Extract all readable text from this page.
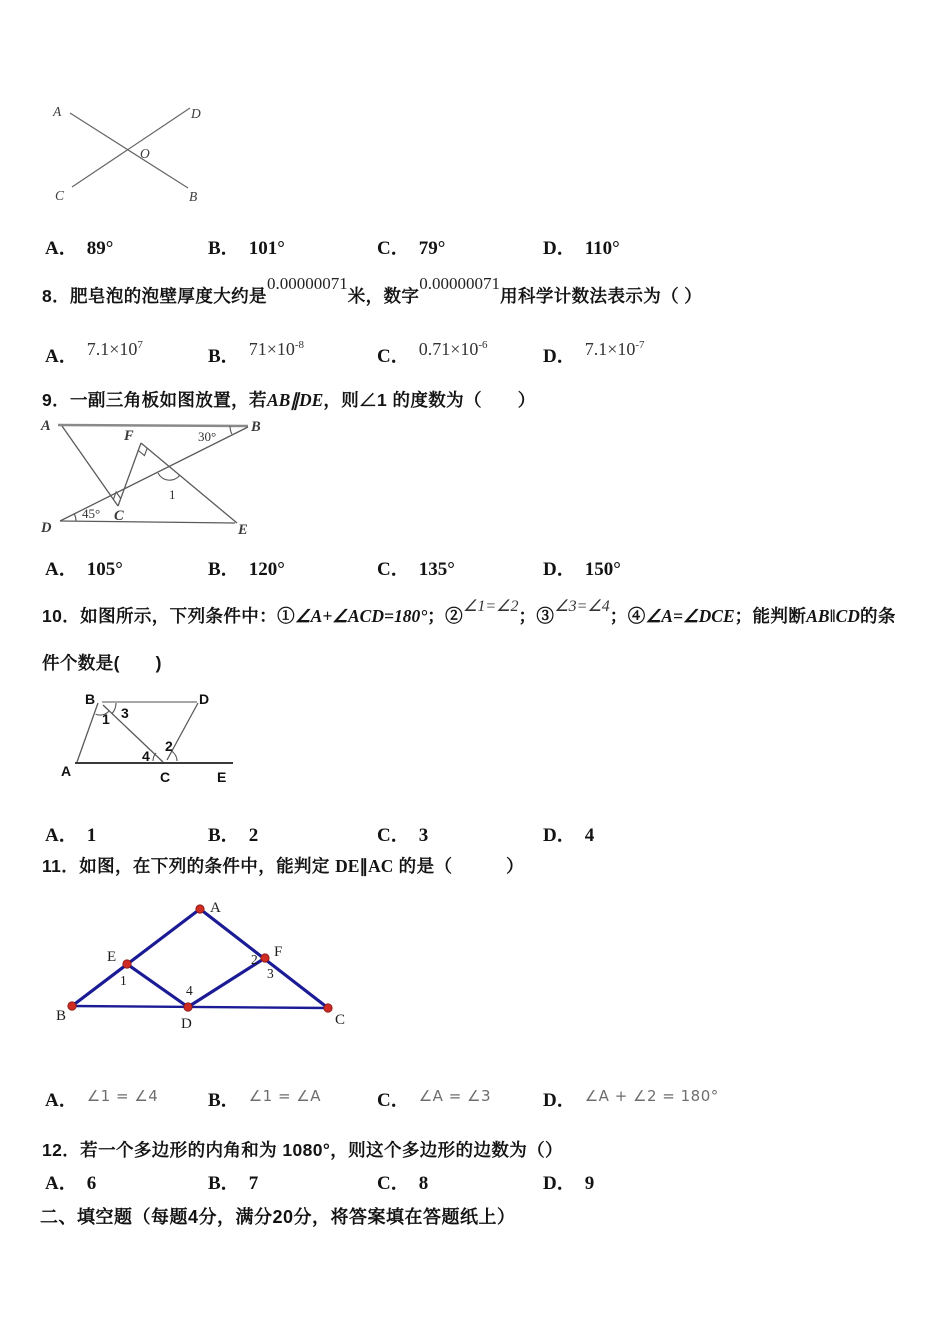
A	D
O
C	B
A． 89°	B． 101°	C． 79°	D． 110°
8．肥皂泡的泡壁厚度大约是0.00000071米，数字0.00000071用科学计数法表示为（ ）
A． $7.1\times 10^7$
B． $71\times 10^{-8}$
C． $0.71\times 10^{-6}$
D． $7.1\times 10^{-7}$
9．一副三角板如图放置，若AB∥DE，则∠1 的度数为（　　）
A	B
F	30°
45° C
1
D	E
A． 105°	B． 120°	C． 135°	D． 150°
10．如图所示，下列条件中：①∠A+∠ACD=180°；②∠1=∠2；③∠3=∠4；④∠A=∠DCE；能判断AB‖CD的条
件个数是(　　)
B	D
A	C	E
1 3
2
4
A． 1	B． 2	C． 3	D． 4
11．如图，在下列的条件中，能判定 DE∥AC 的是（　　　）
A
E	F
B	D	C
1
2
3
4
A． ∠1 = ∠4	B． ∠1 = ∠A	C． ∠A = ∠3	D． ∠A + ∠2 = 180°
12．若一个多边形的内角和为 1080°，则这个多边形的边数为（）
A． 6	B． 7	C． 8	D． 9
二、填空题（每题4分，满分20分，将答案填在答题纸上）
